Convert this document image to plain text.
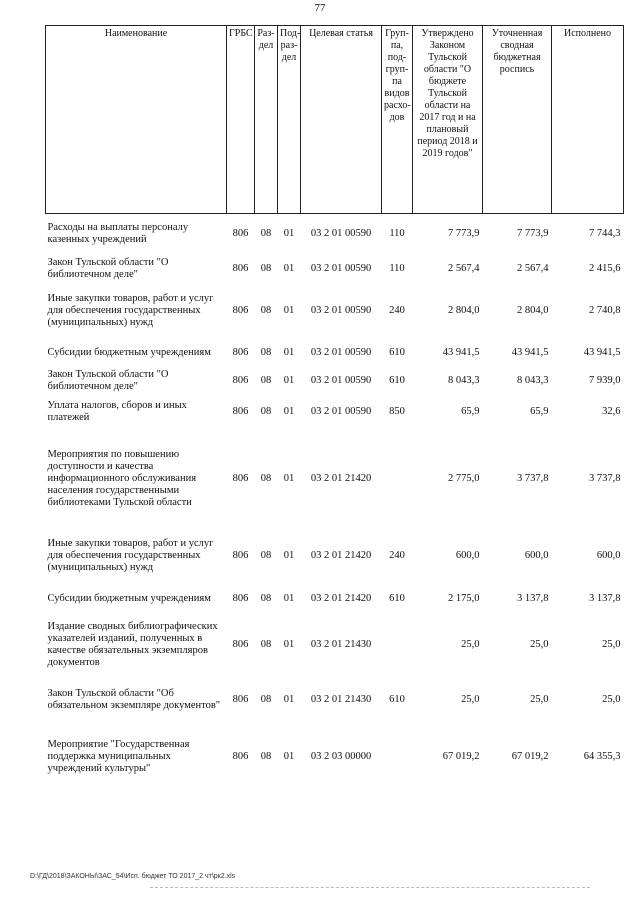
77
Наименование	ГРБС	Раз-дел	Под-раз-дел	Целевая статья	Груп-па, под-груп-па видов расхо-дов	Утверждено Законом Тульской области "О бюджете Тульской области на 2017 год и на плановый период 2018 и 2019 годов"	Уточненная сводная бюджетная роспись	Исполнено
Расходы на выплаты персоналу казенных учреждений	806	08	01	03 2 01 00590	110	7 773,9	7 773,9	7 744,3
Закон Тульской области "О библиотечном деле"	806	08	01	03 2 01 00590	110	2 567,4	2 567,4	2 415,6
Иные закупки товаров, работ и услуг для обеспечения государственных (муниципальных) нужд	806	08	01	03 2 01 00590	240	2 804,0	2 804,0	2 740,8
Субсидии бюджетным учреждениям	806	08	01	03 2 01 00590	610	43 941,5	43 941,5	43 941,5
Закон Тульской области "О библиотечном деле"	806	08	01	03 2 01 00590	610	8 043,3	8 043,3	7 939,0
Уплата налогов, сборов и иных платежей	806	08	01	03 2 01 00590	850	65,9	65,9	32,6
Мероприятия по повышению доступности и качества информационного обслуживания населения государственными библиотеками Тульской области	806	08	01	03 2 01 21420		2 775,0	3 737,8	3 737,8
Иные закупки товаров, работ и услуг для обеспечения государственных (муниципальных) нужд	806	08	01	03 2 01 21420	240	600,0	600,0	600,0
Субсидии бюджетным учреждениям	806	08	01	03 2 01 21420	610	2 175,0	3 137,8	3 137,8
Издание сводных библиографических указателей изданий, полученных в качестве обязательных экземпляров документов	806	08	01	03 2 01 21430		25,0	25,0	25,0
Закон Тульской области "Об обязательном экземпляре документов"	806	08	01	03 2 01 21430	610	25,0	25,0	25,0
Мероприятие "Государственная поддержка муниципальных учреждений культуры"	806	08	01	03 2 03 00000		67 019,2	67 019,2	64 355,3
D:\ГД\2018\ЗАКОНЫ\ЗАС_54\Исп. бюджет ТО 2017_2 чт\рк2.xls
